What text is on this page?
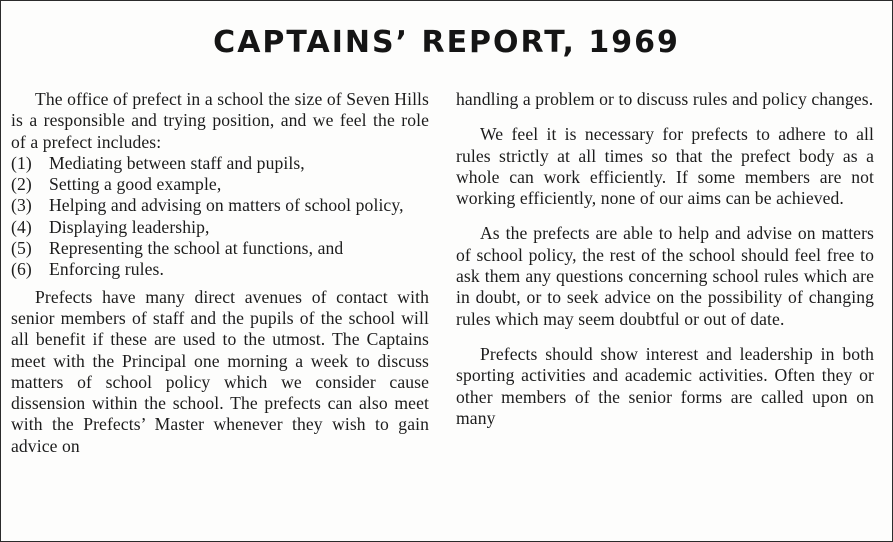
CAPTAINS’ REPORT, 1969

The office of prefect in a school the size of Seven Hills is a responsible and trying position, and we feel the role of a prefect includes:

(1) Mediating between staff and pupils,
(2) Setting a good example,
(3) Helping and advising on matters of school policy,
(4) Displaying leadership,
(5) Representing the school at functions, and
(6) Enforcing rules.

Prefects have many direct avenues of contact with senior members of staff and the pupils of the school will all benefit if these are used to the utmost. The Captains meet with the Principal one morning a week to discuss matters of school policy which we consider cause dissension within the school. The prefects can also meet with the Prefects’ Master whenever they wish to gain advice on

handling a problem or to discuss rules and policy changes.

We feel it is necessary for prefects to adhere to all rules strictly at all times so that the prefect body as a whole can work efficiently. If some members are not working efficiently, none of our aims can be achieved.

As the prefects are able to help and advise on matters of school policy, the rest of the school should feel free to ask them any questions concerning school rules which are in doubt, or to seek advice on the possibility of changing rules which may seem doubtful or out of date.

Prefects should show interest and leadership in both sporting activities and academic activities. Often they or other members of the senior forms are called upon on many
